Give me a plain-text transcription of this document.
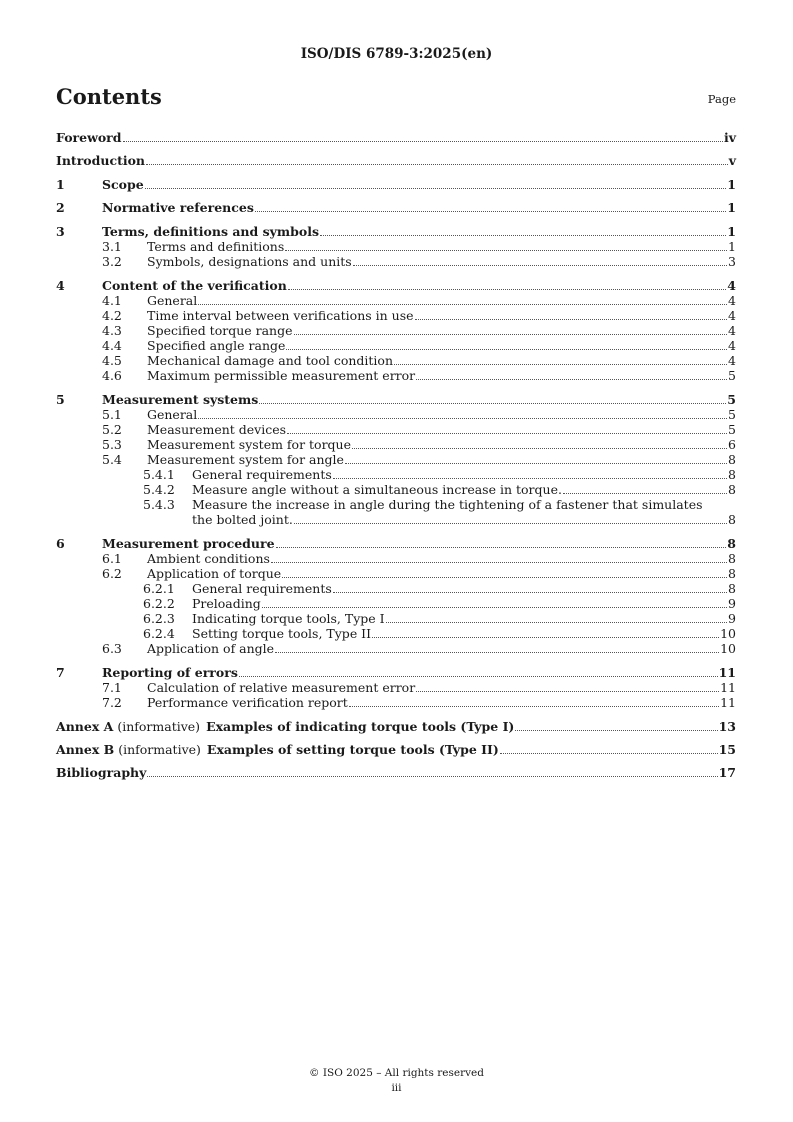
ISO/DIS 6789-3:2025(en)
Contents	Page
Foreword	iv
Introduction	v
1	Scope	1
2	Normative references	1
3	Terms, definitions and symbols	1
3.1	Terms and definitions	1
3.2	Symbols, designations and units	3
4	Content of the verification	4
4.1	General	4
4.2	Time interval between verifications in use	4
4.3	Specified torque range	4
4.4	Specified angle range	4
4.5	Mechanical damage and tool condition	4
4.6	Maximum permissible measurement error	5
5	Measurement systems	5
5.1	General	5
5.2	Measurement devices	5
5.3	Measurement system for torque	6
5.4	Measurement system for angle	8
5.4.1	General requirements	8
5.4.2	Measure angle without a simultaneous increase in torque.	8
5.4.3	Measure the increase in angle during the tightening of a fastener that simulates
the bolted joint.	8
6	Measurement procedure	8
6.1	Ambient conditions	8
6.2	Application of torque	8
6.2.1	General requirements	8
6.2.2	Preloading	9
6.2.3	Indicating torque tools, Type I	9
6.2.4	Setting torque tools, Type II	10
6.3	Application of angle	10
7	Reporting of errors	11
7.1	Calculation of relative measurement error	11
7.2	Performance verification report	11
Annex A (informative) Examples of indicating torque tools (Type I)	13
Annex B (informative) Examples of setting torque tools (Type II)	15
Bibliography	17
© ISO 2025 – All rights reserved
iii
